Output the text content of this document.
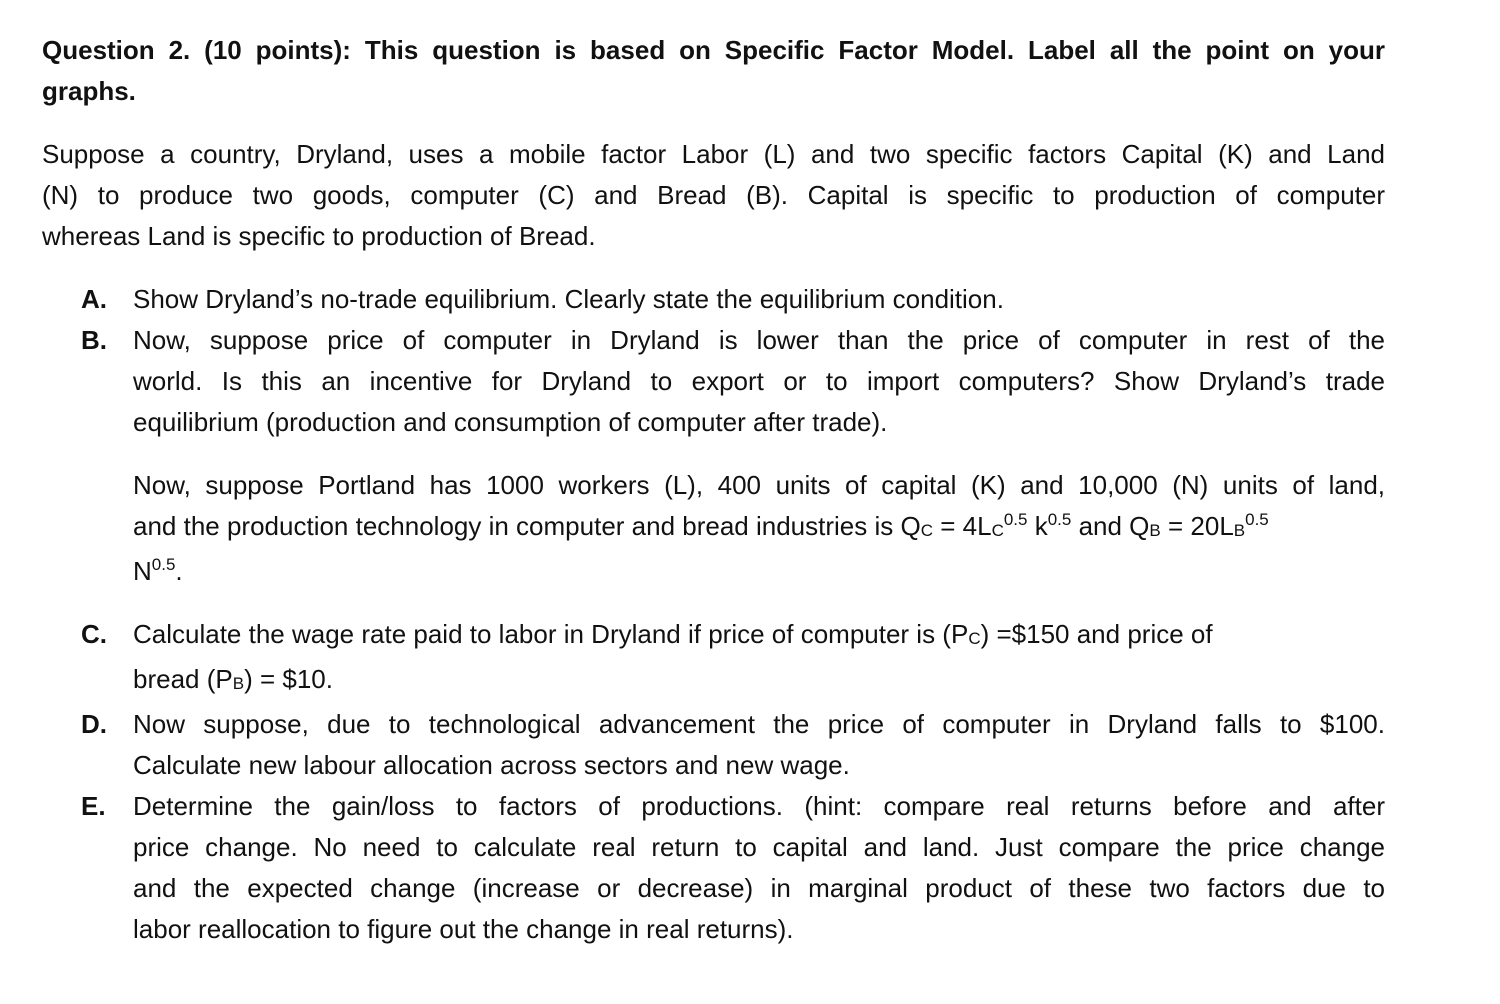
Question 2. (10 points): This question is based on Specific Factor Model. Label all the point on your
graphs.
Suppose a country, Dryland, uses a mobile factor Labor (L) and two specific factors Capital (K) and Land
(N) to produce two goods, computer (C) and Bread (B). Capital is specific to production of computer
whereas Land is specific to production of Bread.
A. Show Dryland’s no-trade equilibrium. Clearly state the equilibrium condition.
B. Now, suppose price of computer in Dryland is lower than the price of computer in rest of the
world. Is this an incentive for Dryland to export or to import computers? Show Dryland’s trade
equilibrium (production and consumption of computer after trade).
Now, suppose Portland has 1000 workers (L), 400 units of capital (K) and 10,000 (N) units of land,
and the production technology in computer and bread industries is QC = $4LC^{0.5}$ $k^{0.5}$ and QB = $20LB^{0.5}$
$N^{0.5}$.
C. Calculate the wage rate paid to labor in Dryland if price of computer is (PC) =$150 and price of
bread (PB) = $10.
D. Now suppose, due to technological advancement the price of computer in Dryland falls to $100.
Calculate new labour allocation across sectors and new wage.
E. Determine the gain/loss to factors of productions. (hint: compare real returns before and after
price change. No need to calculate real return to capital and land. Just compare the price change
and the expected change (increase or decrease) in marginal product of these two factors due to
labor reallocation to figure out the change in real returns).
